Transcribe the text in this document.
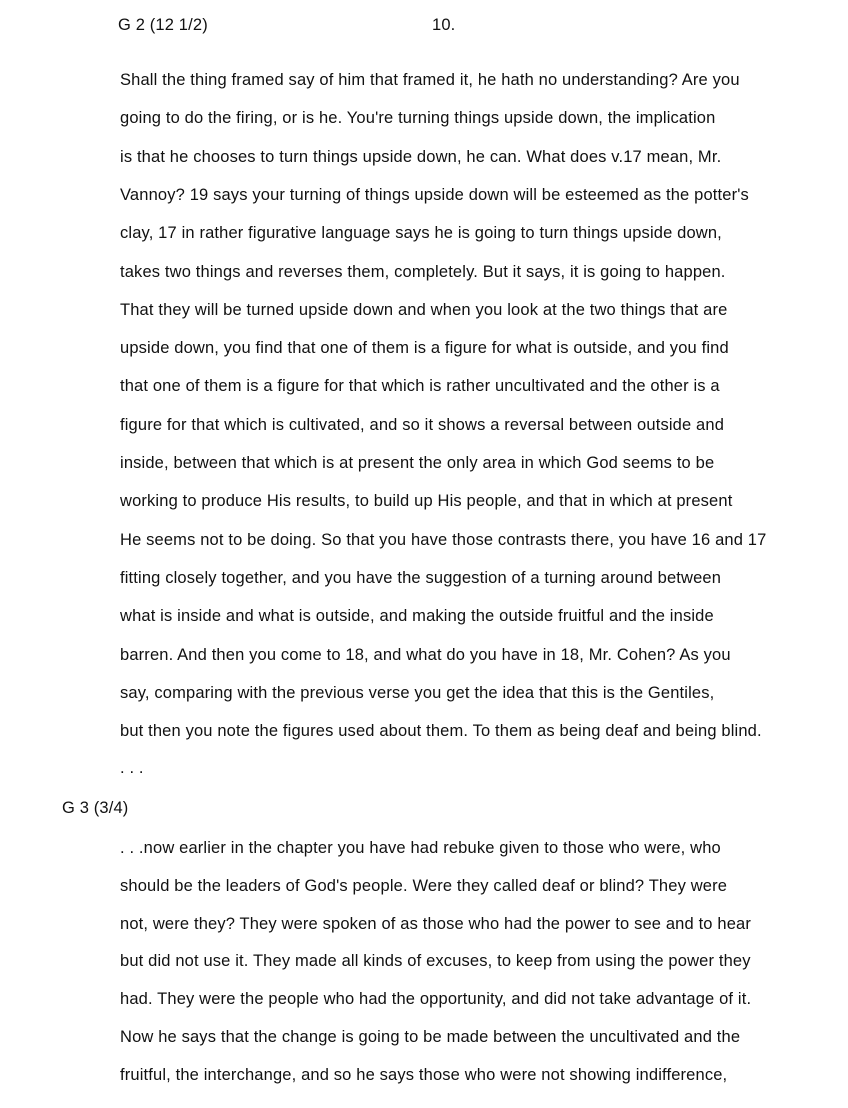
G 2 (12 1/2)	10.
Shall the thing framed say of him that framed it, he hath no understanding? Are you
going to do the firing, or is he. You're turning things upside down, the implication
is that he chooses to turn things upside down, he can. What does v.17 mean, Mr.
Vannoy? 19 says your turning of things upside down will be esteemed as the potter's
clay, 17 in rather figurative language says he is going to turn things upside down,
takes two things and reverses them, completely. But it says, it is going to happen.
That they will be turned upside down and when you look at the two things that are
upside down, you find that one of them is a figure for what is outside, and you find
that one of them is a figure for that which is rather uncultivated and the other is a
figure for that which is cultivated, and so it shows a reversal between outside and
inside, between that which is at present the only area in which God seems to be
working to produce His results, to build up His people, and that in which at present
He seems not to be doing. So that you have those contrasts there, you have 16 and 17
fitting closely together, and you have the suggestion of a turning around between
what is inside and what is outside, and making the outside fruitful and the inside
barren. And then you come to 18, and what do you have in 18, Mr. Cohen? As you
say, comparing with the previous verse you get the idea that this is the Gentiles,
but then you note the figures used about them. To them as being deaf and being blind.
. . .
G 3 (3/4)
. . .now earlier in the chapter you have had rebuke given to those who were, who
should be the leaders of God's people. Were they called deaf or blind? They were
not, were they? They were spoken of as those who had the power to see and to hear
but did not use it. They made all kinds of excuses, to keep from using the power they
had. They were the people who had the opportunity, and did not take advantage of it.
Now he says that the change is going to be made between the uncultivated and the
fruitful, the interchange, and so he says those who were not showing indifference,
